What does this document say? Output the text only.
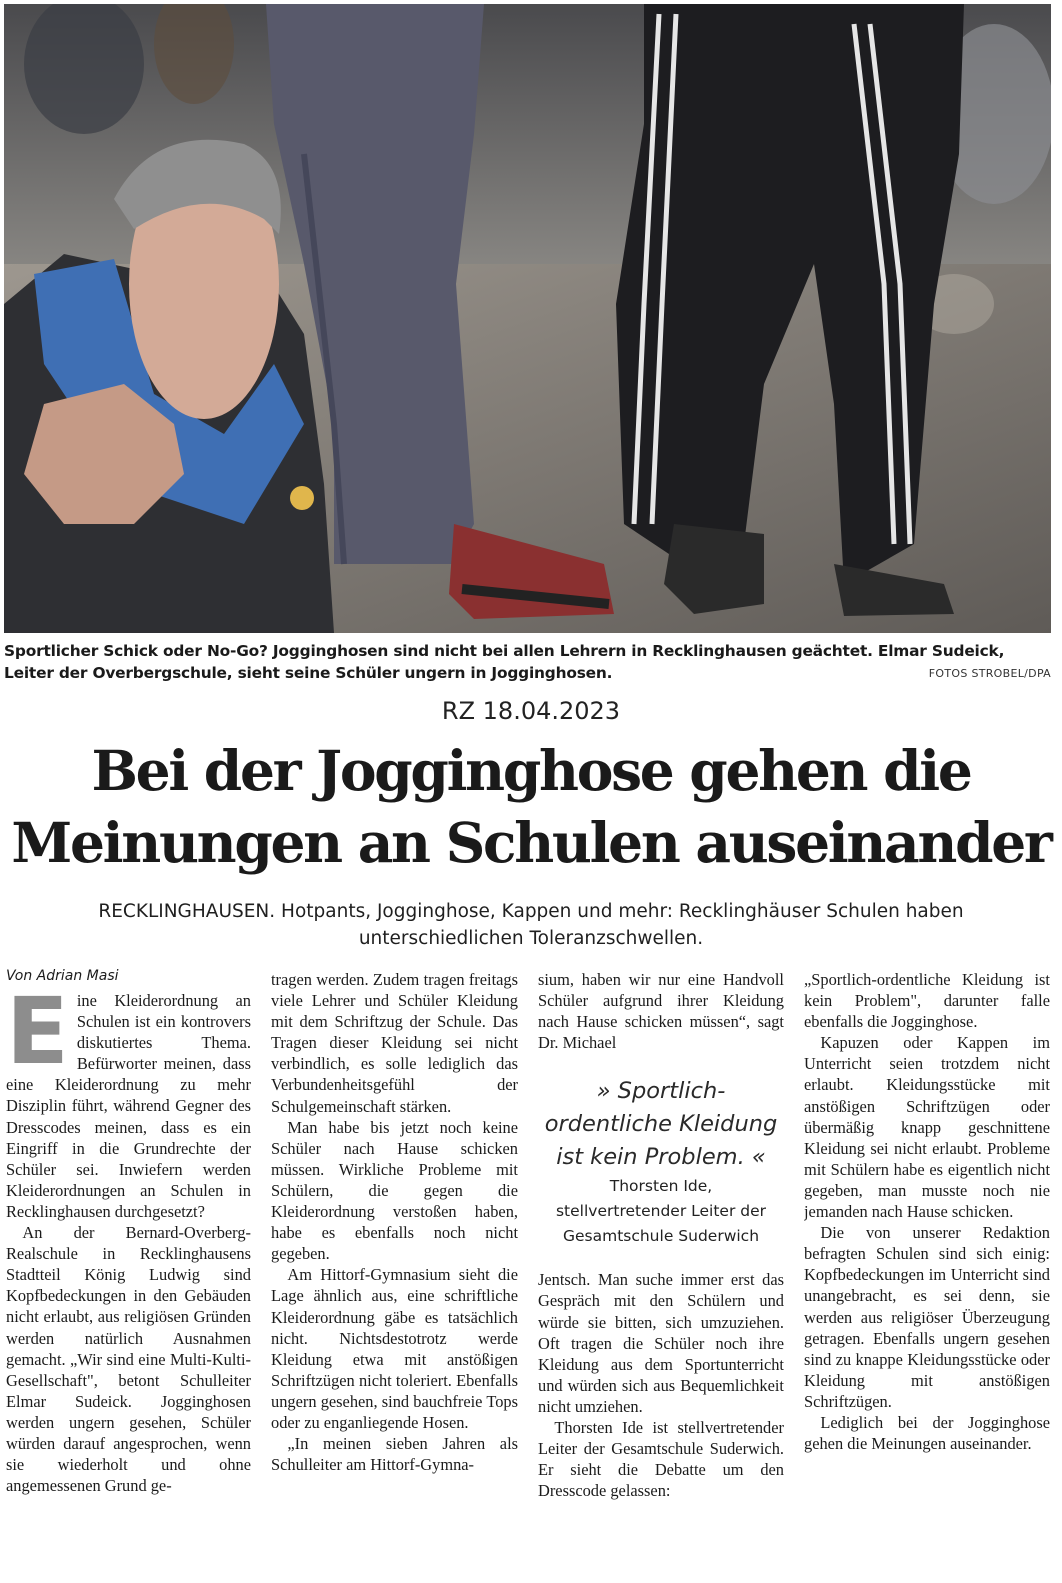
Sportlicher Schick oder No-Go? Jogginghosen sind nicht bei allen Lehrern in Recklinghausen geächtet. Elmar Sudeick, Leiter der Overbergschule, sieht seine Schüler ungern in Jogginghosen.	FOTOS STROBEL/DPA
RZ 18.04.2023
Bei der Jogginghose gehen die
Meinungen an Schulen auseinander

RECKLINGHAUSEN. Hotpants, Jogginghose, Kappen und mehr: Recklinghäuser Schulen haben unterschiedlichen Toleranzschwellen.

Von Adrian Masi

Eine Kleiderordnung an Schulen ist ein kontrovers diskutiertes Thema. Befürworter meinen, dass eine Kleiderordnung zu mehr Disziplin führt, während Gegner des Dresscodes meinen, dass es ein Eingriff in die Grundrechte der Schüler sei. Inwiefern werden Kleiderordnungen an Schulen in Recklinghausen durchgesetzt?

An der Bernard-Overberg-Realschule in Recklinghausens Stadtteil König Ludwig sind Kopfbedeckungen in den Gebäuden nicht erlaubt, aus religiösen Gründen werden natürlich Ausnahmen gemacht. „Wir sind eine Multi-Kulti-Gesellschaft", betont Schulleiter Elmar Sudeick. Jogginghosen werden ungern gesehen, Schüler würden darauf angesprochen, wenn sie wiederholt und ohne angemessenen Grund ge-

tragen werden. Zudem tragen freitags viele Lehrer und Schüler Kleidung mit dem Schriftzug der Schule. Das Tragen dieser Kleidung sei nicht verbindlich, es solle lediglich das Verbundenheitsgefühl der Schulgemeinschaft stärken.

Man habe bis jetzt noch keine Schüler nach Hause schicken müssen. Wirkliche Probleme mit Schülern, die gegen die Kleiderordnung verstoßen haben, habe es ebenfalls noch nicht gegeben.

Am Hittorf-Gymnasium sieht die Lage ähnlich aus, eine schriftliche Kleiderordnung gäbe es tatsächlich nicht. Nichtsdestotrotz werde Kleidung etwa mit anstößigen Schriftzügen nicht toleriert. Ebenfalls ungern gesehen, sind bauchfreie Tops oder zu enganliegende Hosen.

„In meinen sieben Jahren als Schulleiter am Hittorf-Gymna-

sium, haben wir nur eine Handvoll Schüler aufgrund ihrer Kleidung nach Hause schicken müssen“, sagt Dr. Michael

» Sportlich-ordentliche Kleidung ist kein Problem. «

Thorsten Ide,
stellvertretender Leiter der Gesamtschule Suderwich

Jentsch. Man suche immer erst das Gespräch mit den Schülern und würde sie bitten, sich umzuziehen. Oft tragen die Schüler noch ihre Kleidung aus dem Sportunterricht und würden sich aus Bequemlichkeit nicht umziehen.

Thorsten Ide ist stellvertretender Leiter der Gesamtschule Suderwich. Er sieht die Debatte um den Dresscode gelassen:

„Sportlich-ordentliche Kleidung ist kein Problem", darunter falle ebenfalls die Jogginghose.

Kapuzen oder Kappen im Unterricht seien trotzdem nicht erlaubt. Kleidungsstücke mit anstößigen Schriftzügen oder übermäßig knapp geschnittene Kleidung sei nicht erlaubt. Probleme mit Schülern habe es eigentlich nicht gegeben, man musste noch nie jemanden nach Hause schicken.

Die von unserer Redaktion befragten Schulen sind sich einig: Kopfbedeckungen im Unterricht sind unangebracht, es sei denn, sie werden aus religiöser Überzeugung getragen. Ebenfalls ungern gesehen sind zu knappe Kleidungsstücke oder Kleidung mit anstößigen Schriftzügen.

Lediglich bei der Jogginghose gehen die Meinungen auseinander.
